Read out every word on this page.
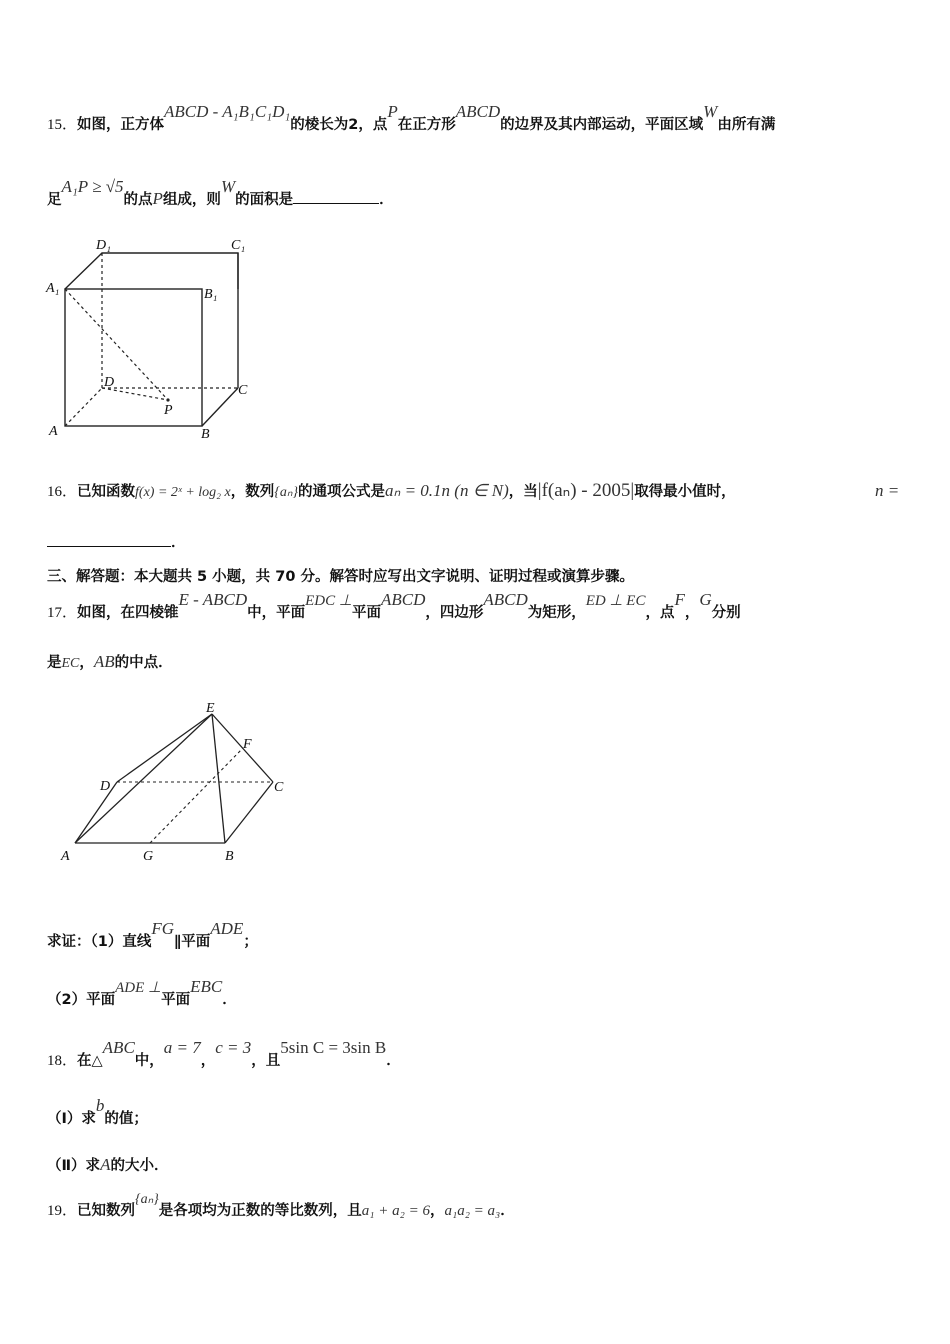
15．如图，正方体ABCD - A₁B₁C₁D₁的棱长为2，点P在正方形ABCD的边界及其内部运动，平面区域W由所有满
足A₁P ≥ √5的点P组成，则W的面积是	．
D₁	C₁
A₁	B₁
D
C
P
A	B
16．已知函数f(x) = 2ˣ + log₂ x，数列{aₙ}的通项公式是aₙ = 0.1n (n ∈ N)，当|f(aₙ) - 2005|取得最小值时，	n =
．
三、解答题：本大题共 5 小题，共 70 分。解答时应写出文字说明、证明过程或演算步骤。
17．如图，在四棱锥E - ABCD中，平面EDC ⊥平面ABCD，四边形ABCD为矩形，ED ⊥ EC，点F，G分别
是EC，AB的中点．
E
F
D	C
A	G	B
求证：（1）直线FG∥平面ADE；
（2）平面ADE ⊥平面EBC．
18．在△ABC中，a = 7，c = 3，且5sin C = 3sin B．
（Ⅰ）求b的值；
（Ⅱ）求A的大小．
19．已知数列{aₙ}是各项均为正数的等比数列，且a₁ + a₂ = 6，a₁a₂ = a₃．
